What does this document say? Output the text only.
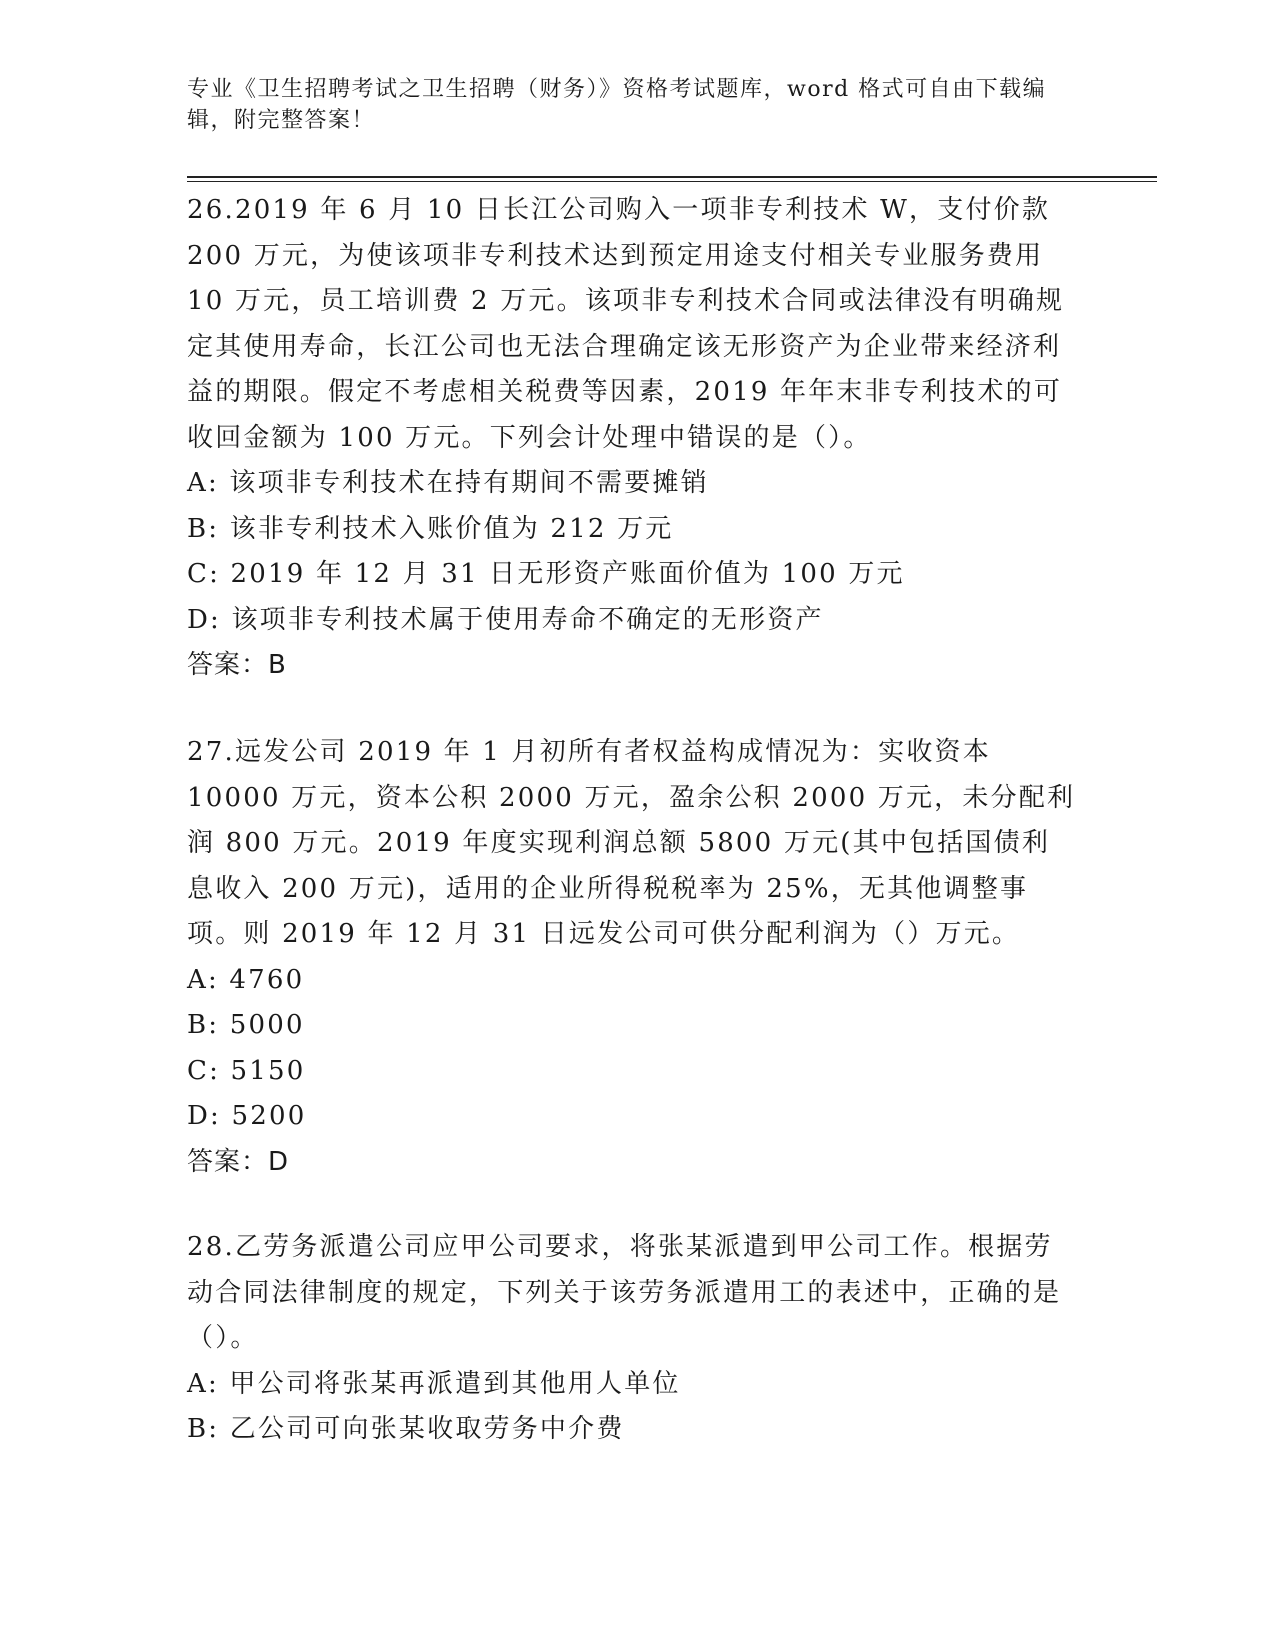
专业《卫生招聘考试之卫生招聘（财务）》资格考试题库，word 格式可自由下载编辑，附完整答案！

26.2019 年 6 月 10 日长江公司购入一项非专利技术 W，支付价款 200 万元，为使该项非专利技术达到预定用途支付相关专业服务费用 10 万元，员工培训费 2 万元。该项非专利技术合同或法律没有明确规定其使用寿命，长江公司也无法合理确定该无形资产为企业带来经济利益的期限。假定不考虑相关税费等因素，2019 年年末非专利技术的可收回金额为 100 万元。下列会计处理中错误的是（）。

A: 该项非专利技术在持有期间不需要摊销

B: 该非专利技术入账价值为 212 万元

C: 2019 年 12 月 31 日无形资产账面价值为 100 万元

D: 该项非专利技术属于使用寿命不确定的无形资产

答案：B

27.远发公司 2019 年 1 月初所有者权益构成情况为：实收资本 10000 万元，资本公积 2000 万元，盈余公积 2000 万元，未分配利润 800 万元。2019 年度实现利润总额 5800 万元(其中包括国债利息收入 200 万元)，适用的企业所得税税率为 25%，无其他调整事项。则 2019 年 12 月 31 日远发公司可供分配利润为（）万元。

A: 4760

B: 5000

C: 5150

D: 5200

答案：D

28.乙劳务派遣公司应甲公司要求，将张某派遣到甲公司工作。根据劳动合同法律制度的规定，下列关于该劳务派遣用工的表述中，正确的是（）。

A: 甲公司将张某再派遣到其他用人单位

B: 乙公司可向张某收取劳务中介费
